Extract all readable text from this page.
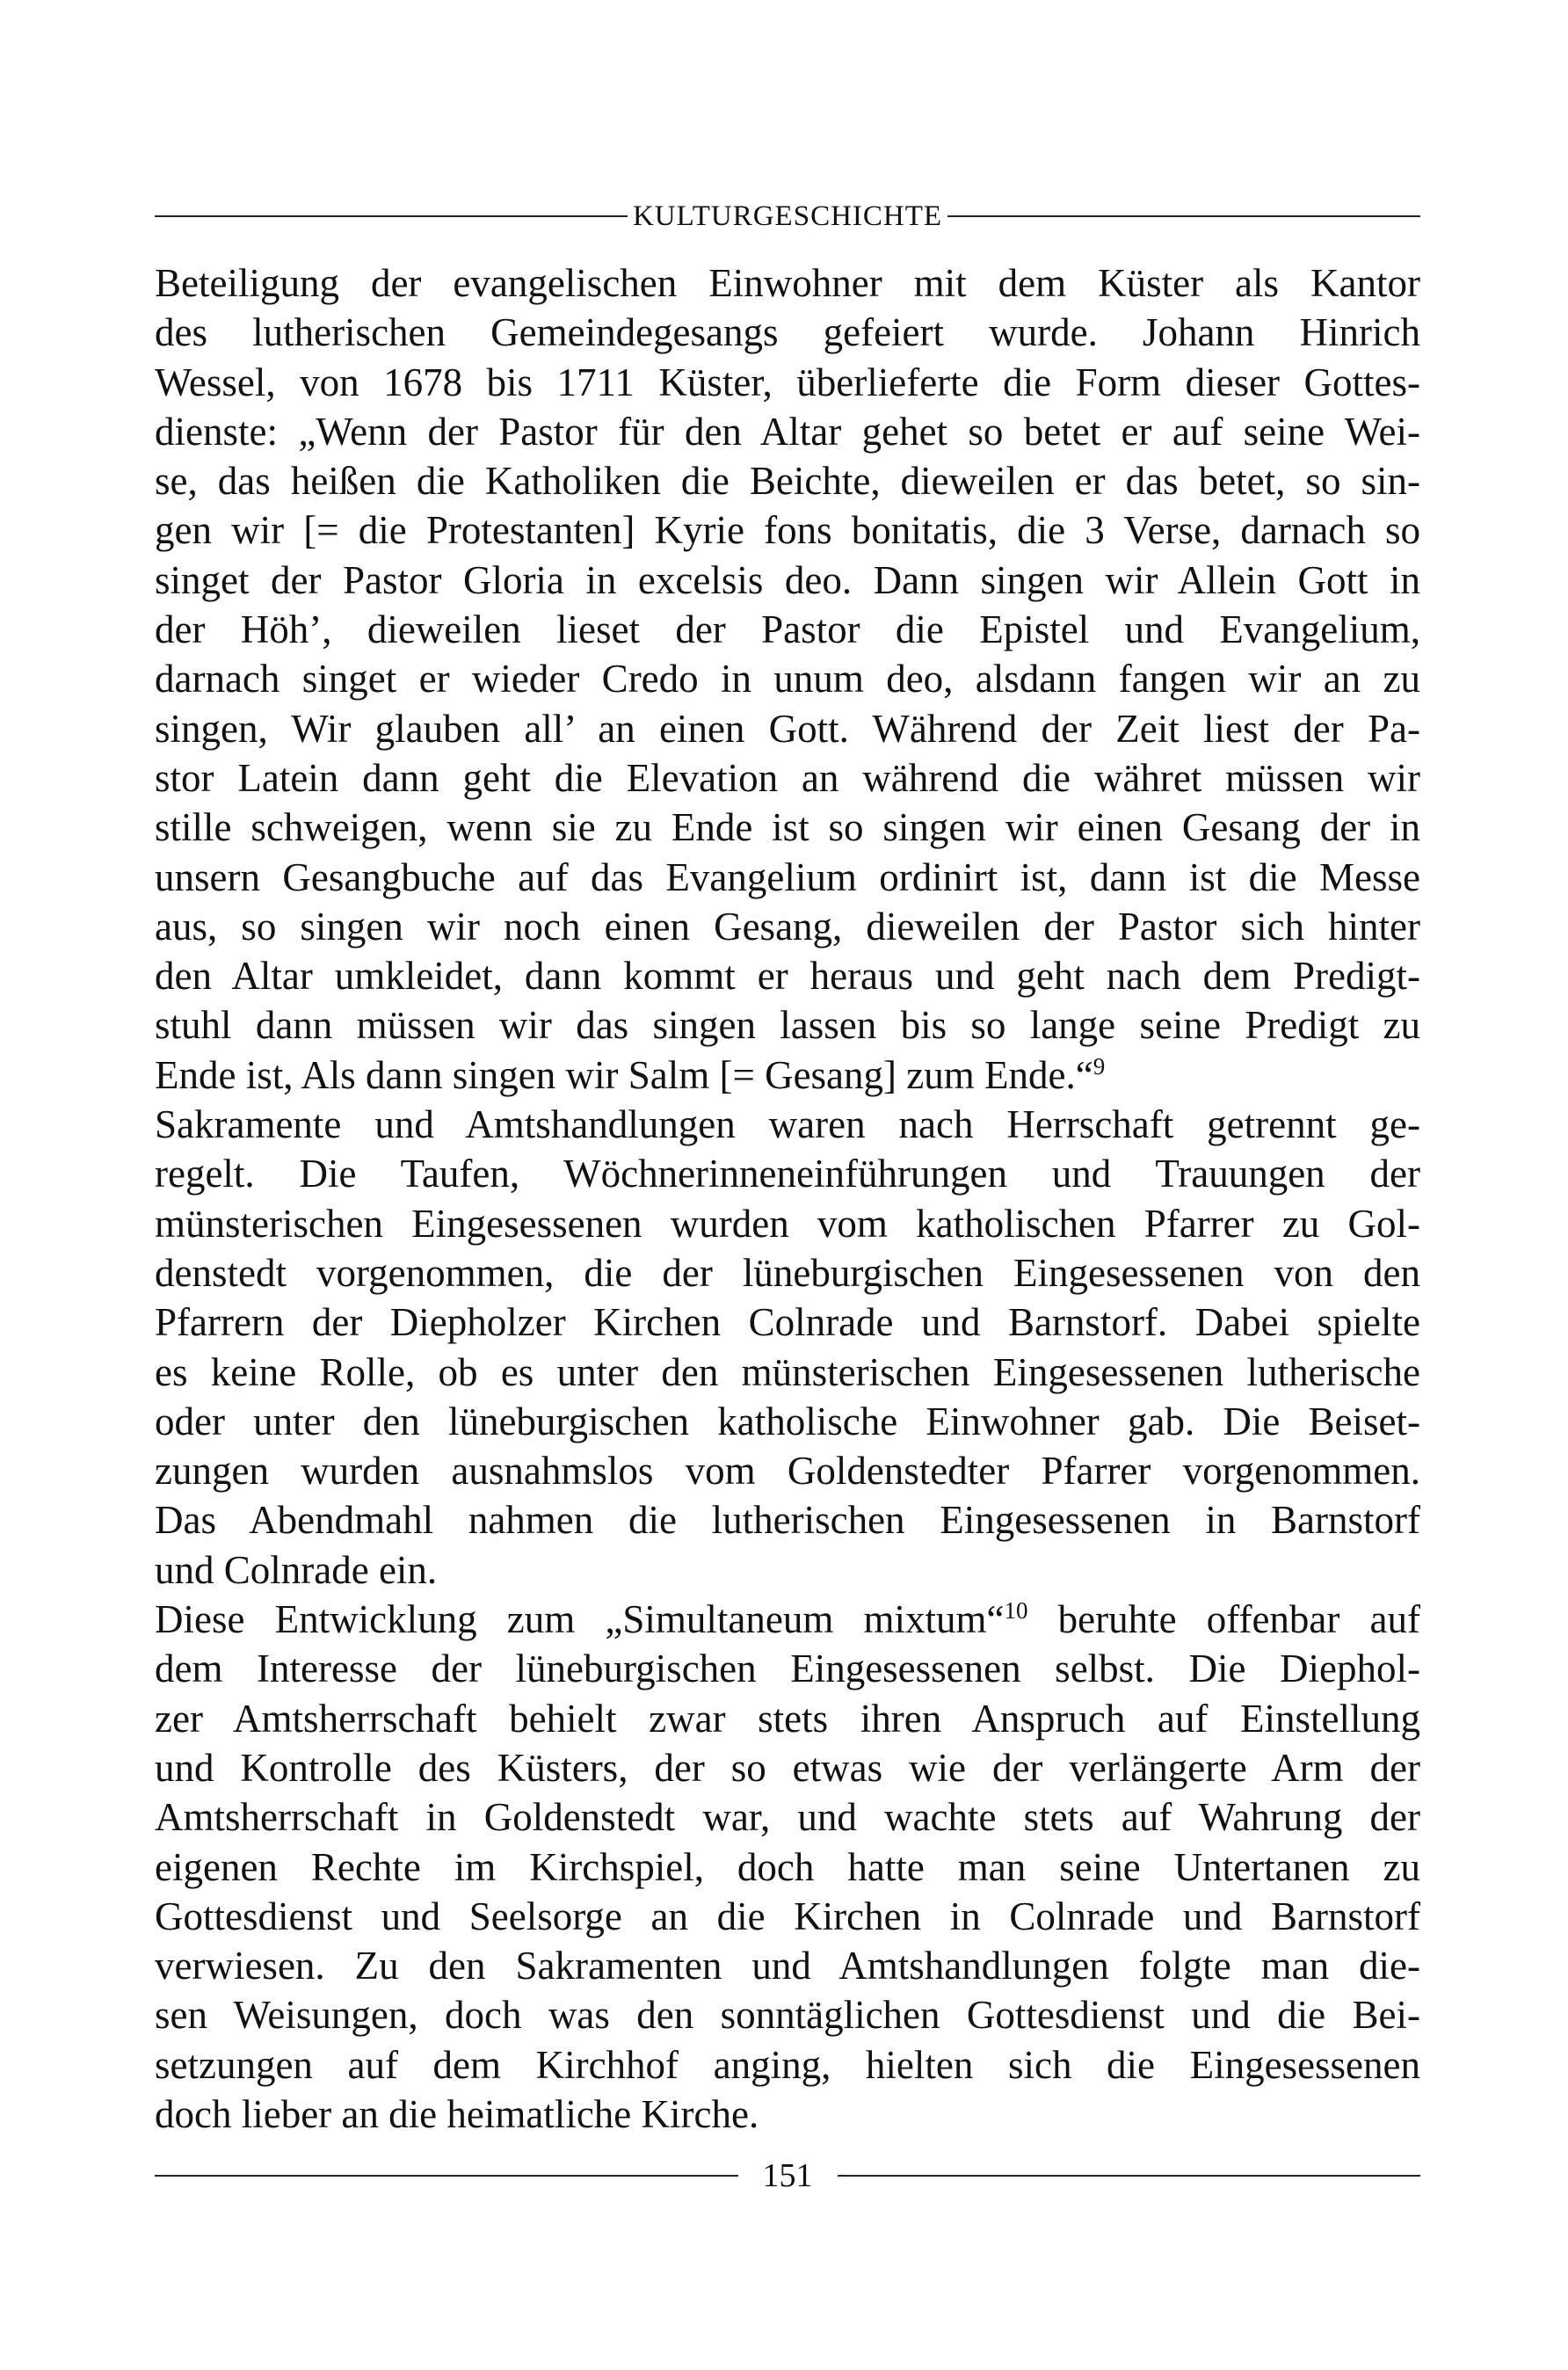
KULTURGESCHICHTE
Beteiligung der evangelischen Einwohner mit dem Küster als Kantor
des lutherischen Gemeindegesangs gefeiert wurde. Johann Hinrich
Wessel, von 1678 bis 1711 Küster, überlieferte die Form dieser Gottes-
dienste: „Wenn der Pastor für den Altar gehet so betet er auf seine Wei-
se, das heißen die Katholiken die Beichte, dieweilen er das betet, so sin-
gen wir [= die Protestanten] Kyrie fons bonitatis, die 3 Verse, darnach so
singet der Pastor Gloria in excelsis deo. Dann singen wir Allein Gott in
der Höh’, dieweilen lieset der Pastor die Epistel und Evangelium,
darnach singet er wieder Credo in unum deo, alsdann fangen wir an zu
singen, Wir glauben all’ an einen Gott. Während der Zeit liest der Pa-
stor Latein dann geht die Elevation an während die währet müssen wir
stille schweigen, wenn sie zu Ende ist so singen wir einen Gesang der in
unsern Gesangbuche auf das Evangelium ordinirt ist, dann ist die Messe
aus, so singen wir noch einen Gesang, dieweilen der Pastor sich hinter
den Altar umkleidet, dann kommt er heraus und geht nach dem Predigt-
stuhl dann müssen wir das singen lassen bis so lange seine Predigt zu
Ende ist, Als dann singen wir Salm [= Gesang] zum Ende.“$^9$
Sakramente und Amtshandlungen waren nach Herrschaft getrennt ge-
regelt. Die Taufen, Wöchnerinneneinführungen und Trauungen der
münsterischen Eingesessenen wurden vom katholischen Pfarrer zu Gol-
denstedt vorgenommen, die der lüneburgischen Eingesessenen von den
Pfarrern der Diepholzer Kirchen Colnrade und Barnstorf. Dabei spielte
es keine Rolle, ob es unter den münsterischen Eingesessenen lutherische
oder unter den lüneburgischen katholische Einwohner gab. Die Beiset-
zungen wurden ausnahmslos vom Goldenstedter Pfarrer vorgenommen.
Das Abendmahl nahmen die lutherischen Eingesessenen in Barnstorf
und Colnrade ein.
Diese Entwicklung zum „Simultaneum mixtum“$^{10}$ beruhte offenbar auf
dem Interesse der lüneburgischen Eingesessenen selbst. Die Diephol-
zer Amtsherrschaft behielt zwar stets ihren Anspruch auf Einstellung
und Kontrolle des Küsters, der so etwas wie der verlängerte Arm der
Amtsherrschaft in Goldenstedt war, und wachte stets auf Wahrung der
eigenen Rechte im Kirchspiel, doch hatte man seine Untertanen zu
Gottesdienst und Seelsorge an die Kirchen in Colnrade und Barnstorf
verwiesen. Zu den Sakramenten und Amtshandlungen folgte man die-
sen Weisungen, doch was den sonntäglichen Gottesdienst und die Bei-
setzungen auf dem Kirchhof anging, hielten sich die Eingesessenen
doch lieber an die heimatliche Kirche.
151
